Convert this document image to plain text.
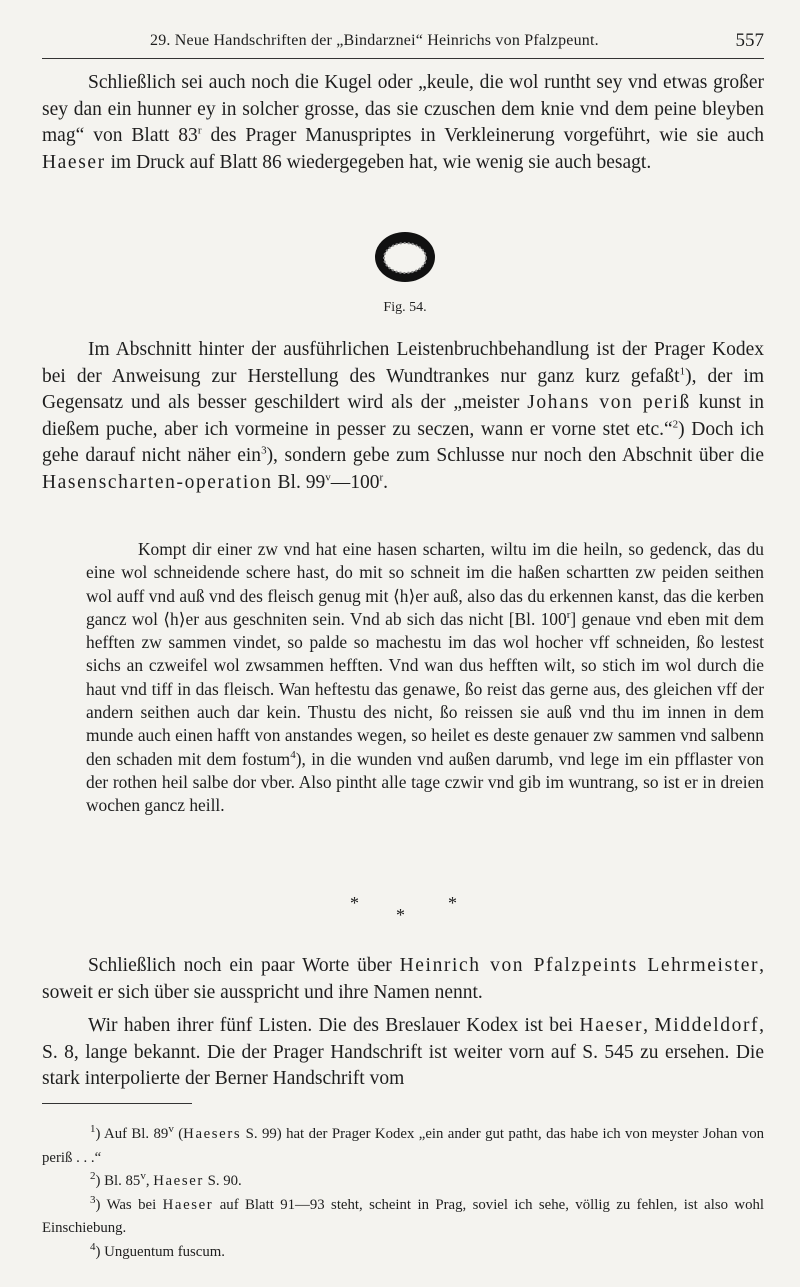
29. Neue Handschriften der „Bindarznei“ Heinrichs von Pfalzpeunt.	557
Schließlich sei auch noch die Kugel oder „keule, die wol runtht sey vnd etwas großer sey dan ein hunner ey in solcher grosse, das sie czuschen dem knie vnd dem peine bleyben mag“ von Blatt 83$^r$ des Prager Manuspriptes in Verkleinerung vorgeführt, wie sie auch Haeser im Druck auf Blatt 86 wiedergegeben hat, wie wenig sie auch besagt.
Fig. 54.
Im Abschnitt hinter der ausführlichen Leistenbruchbehandlung ist der Prager Kodex bei der Anweisung zur Herstellung des Wundtrankes nur ganz kurz gefaßt$^1$), der im Gegensatz und als besser geschildert wird als der „meister Johans von periß kunst in dießem puche, aber ich vormeine in pesser zu seczen, wann er vorne stet etc.“$^2$) Doch ich gehe darauf nicht näher ein$^3$), sondern gebe zum Schlusse nur noch den Abschnit über die Hasenscharten-operation Bl. 99$^v$—100$^r$.
Kompt dir einer zw vnd hat eine hasen scharten, wiltu im die heiln, so gedenck, das du eine wol schneidende schere hast, do mit so schneit im die haßen schartten zw peiden seithen wol auff vnd auß vnd des fleisch genug mit ⟨h⟩er auß, also das du erkennen kanst, das die kerben gancz wol ⟨h⟩er aus geschniten sein. Vnd ab sich das nicht [Bl. 100$^r$] genaue vnd eben mit dem hefften zw sammen vindet, so palde so machestu im das wol hocher vff schneiden, ßo lestest sichs an czweifel wol zwsammen hefften. Vnd wan dus hefften wilt, so stich im wol durch die haut vnd tiff in das fleisch. Wan heftestu das genawe, ßo reist das gerne aus, des gleichen vff der andern seithen auch dar kein. Thustu des nicht, ßo reissen sie auß vnd thu im innen in dem munde auch einen hafft von anstandes wegen, so heilet es deste genauer zw sammen vnd salbenn den schaden mit dem fostum$^4$), in die wunden vnd außen darumb, vnd lege im ein pfflaster von der rothen heil salbe dor vber. Also pintht alle tage czwir vnd gib im wuntrang, so ist er in dreien wochen gancz heill.
*
*
*
Schließlich noch ein paar Worte über Heinrich von Pfalzpeints Lehrmeister, soweit er sich über sie ausspricht und ihre Namen nennt.
Wir haben ihrer fünf Listen. Die des Breslauer Kodex ist bei Haeser, Middeldorf, S. 8, lange bekannt. Die der Prager Handschrift ist weiter vorn auf S. 545 zu ersehen. Die stark interpolierte der Berner Handschrift vom
$^1$) Auf Bl. 89$^v$ (Haesers S. 99) hat der Prager Kodex „ein ander gut patht, das habe ich von meyster Johan von periß . . .“
$^2$) Bl. 85$^v$, Haeser S. 90.
$^3$) Was bei Haeser auf Blatt 91—93 steht, scheint in Prag, soviel ich sehe, völlig zu fehlen, ist also wohl Einschiebung.
$^4$) Unguentum fuscum.
